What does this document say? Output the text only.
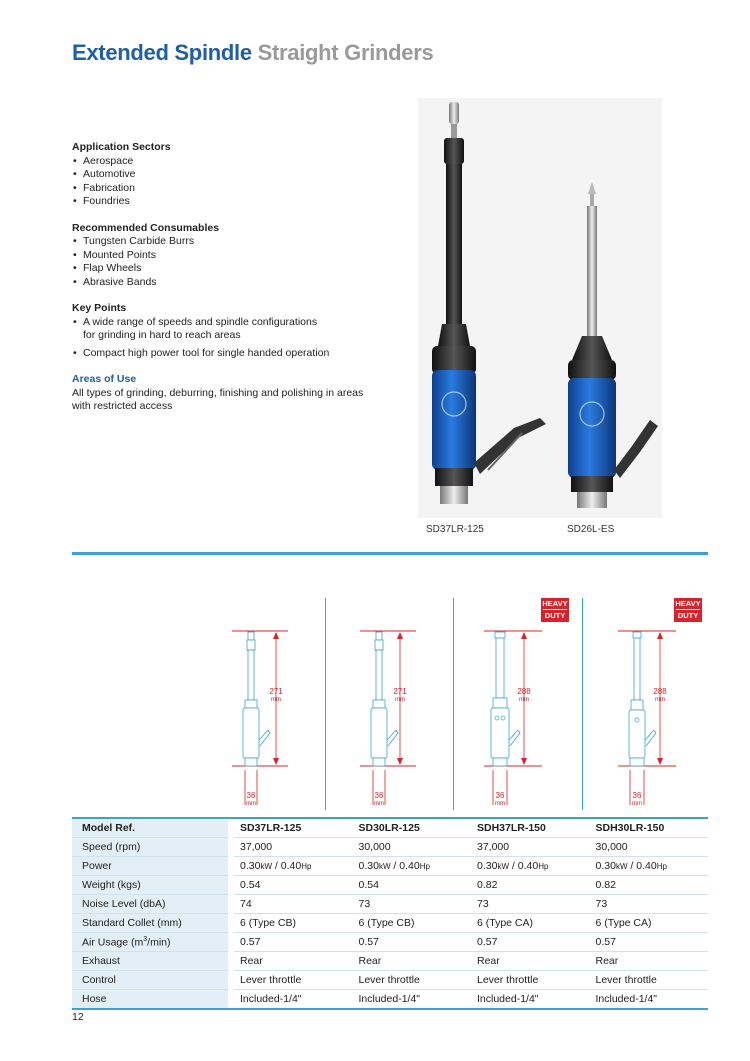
Extended Spindle Straight Grinders
Application Sectors
• Aerospace
• Automotive
• Fabrication
• Foundries
Recommended Consumables
• Tungsten Carbide Burrs
• Mounted Points
• Flap Wheels
• Abrasive Bands
Key Points
• A wide range of speeds and spindle configurations
for grinding in hard to reach areas
• Compact high power tool for single handed operation
Areas of Use

All types of grinding, deburring, finishing and polishing in areas
with restricted access

SD37LR-125	SD26L-ES
HEAVY
DUTY
HEAVY
DUTY
271
mm
36
mm
271
mm
36
mm
288
mm
36
mm
288
mm
36
mm
Model Ref.		SD37LR-125	SD30LR-125	SDH37LR-150	SDH30LR-150
Speed (rpm)		37,000	30,000	37,000	30,000
Power		0.30kW / 0.40Hp	0.30kW / 0.40Hp	0.30kW / 0.40Hp	0.30kW / 0.40Hp
Weight (kgs)		0.54	0.54	0.82	0.82
Noise Level (dbA)		74	73	73	73
Standard Collet (mm)		6 (Type CB)	6 (Type CB)	6 (Type CA)	6 (Type CA)
Air Usage $(m^3/\min)$		0.57	0.57	0.57	0.57
Exhaust		Rear	Rear	Rear	Rear
Control		Lever throttle	Lever throttle	Lever throttle	Lever throttle
Hose		Included-1/4"	Included-1/4"	Included-1/4"	Included-1/4"
12
